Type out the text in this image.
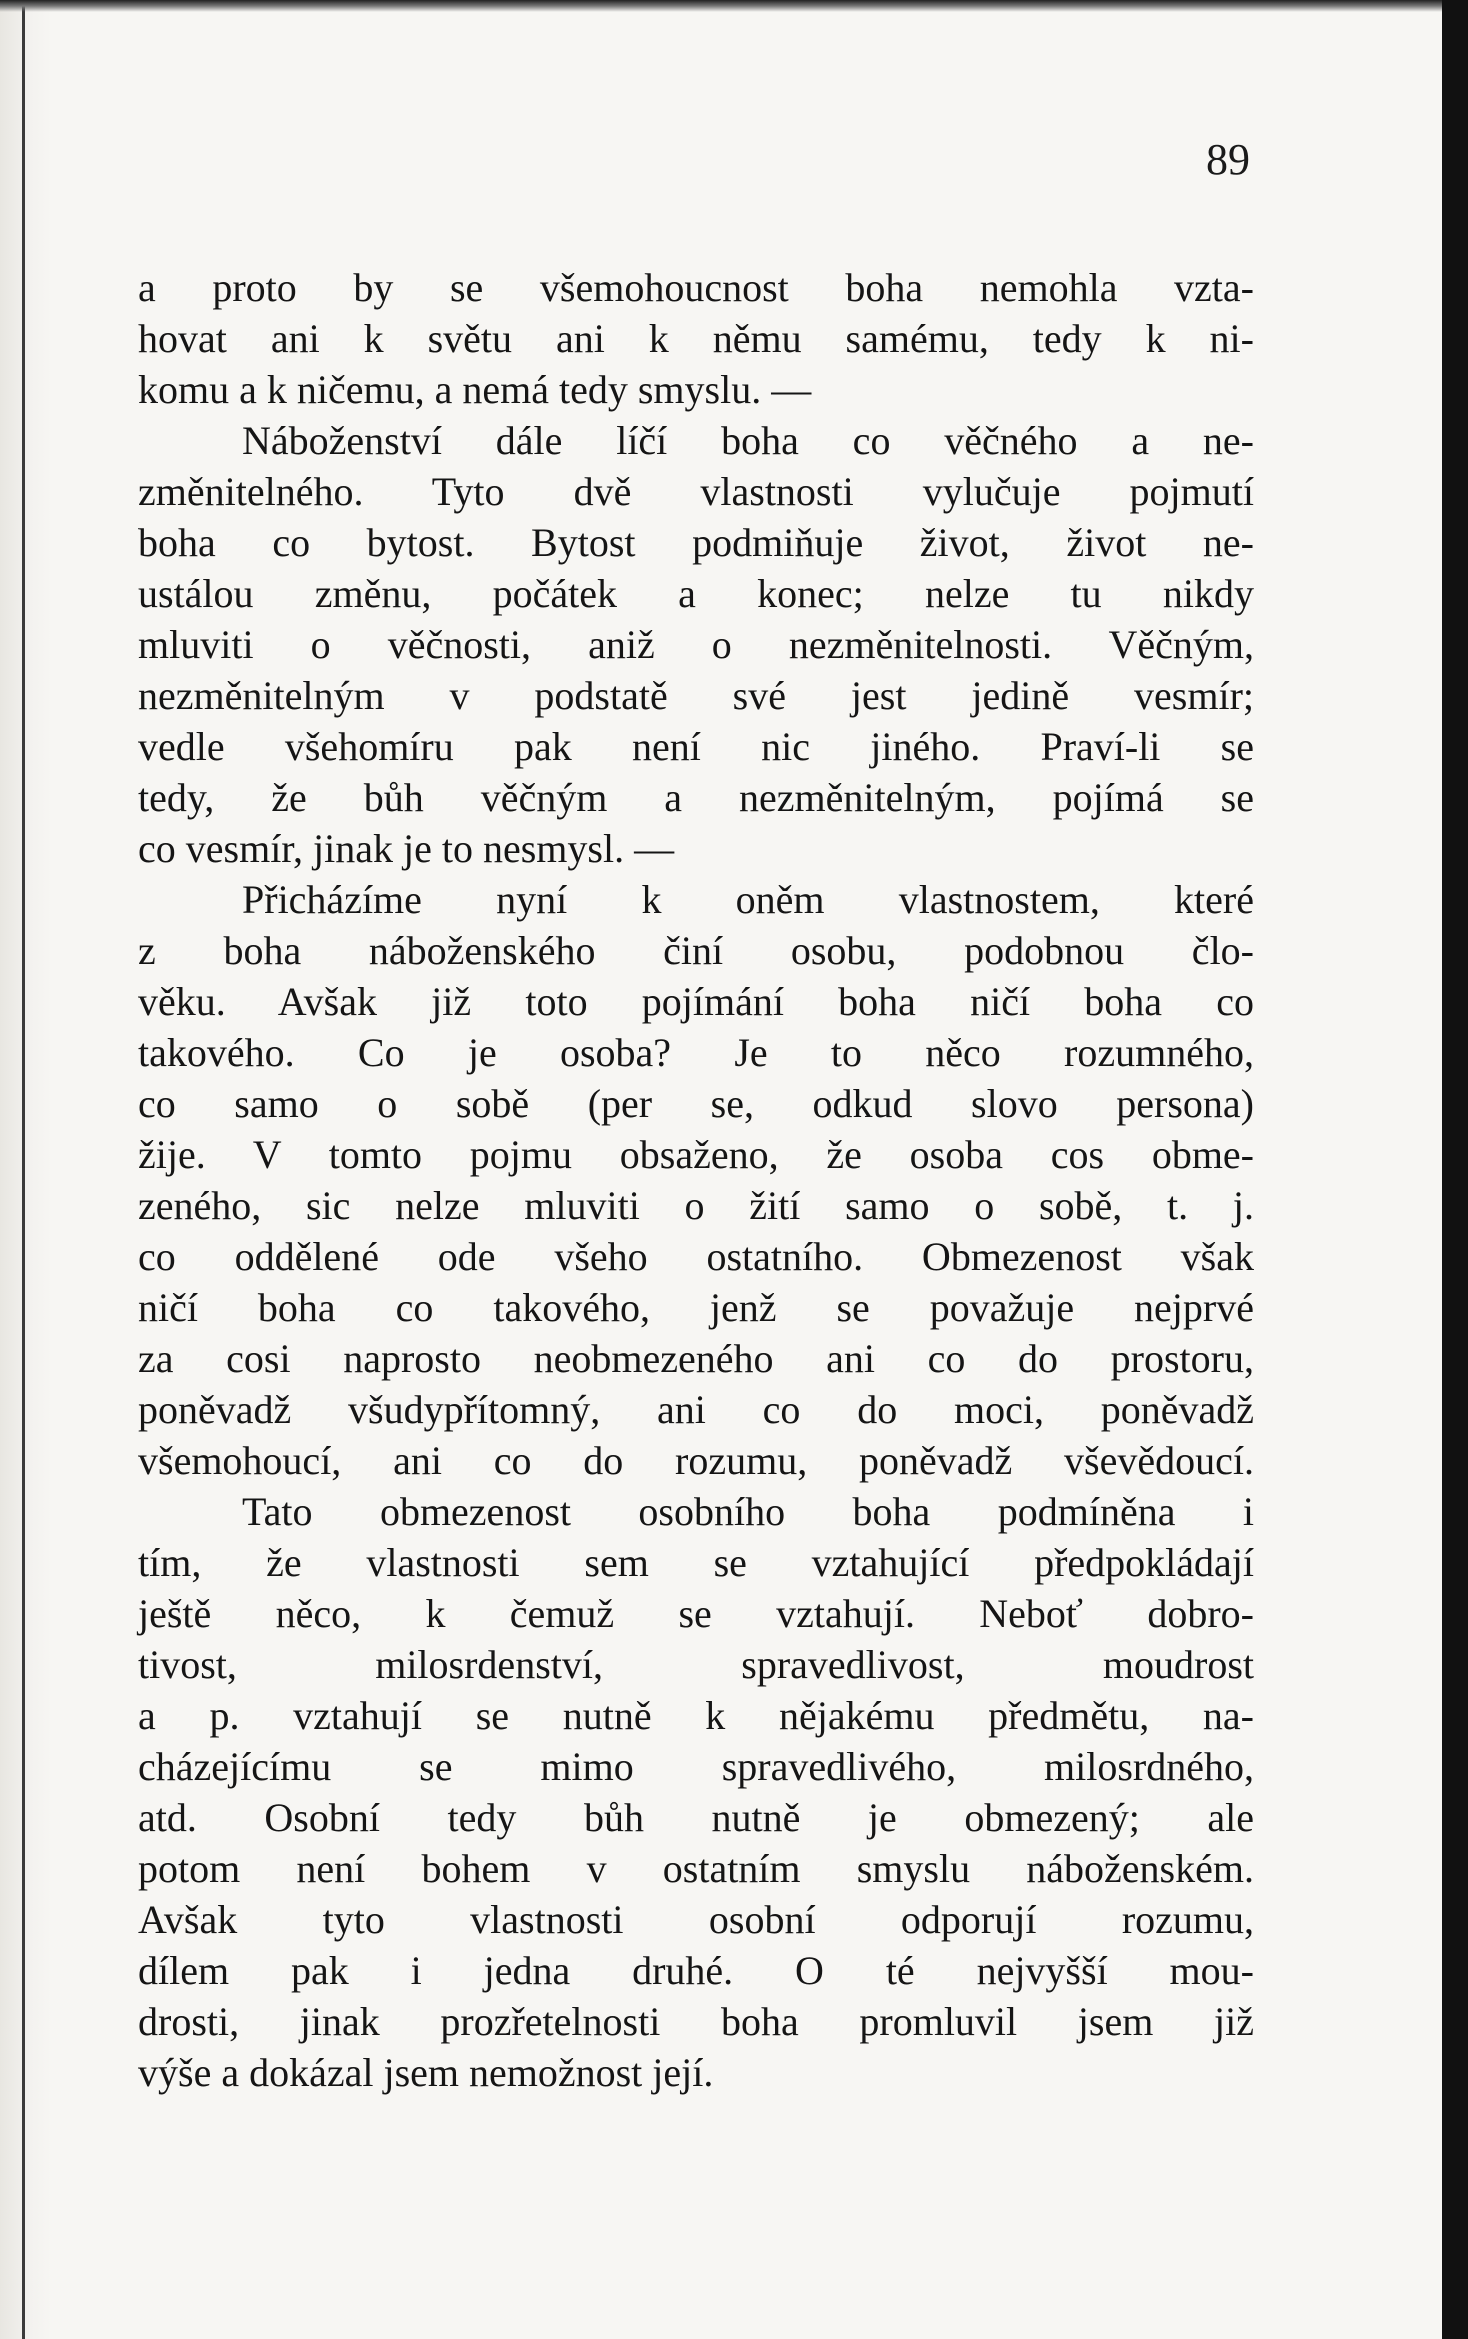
89
a proto by se všemohoucnost boha nemohla vzta-
hovat ani k světu ani k němu samému, tedy k ni-
komu a k ničemu, a nemá tedy smyslu. —
Náboženství dále líčí boha co věčného a ne-
změnitelného. Tyto dvě vlastnosti vylučuje pojmutí
boha co bytost. Bytost podmiňuje život, život ne-
ustálou změnu, počátek a konec; nelze tu nikdy
mluviti o věčnosti, aniž o nezměnitelnosti. Věčným,
nezměnitelným v podstatě své jest jedině vesmír;
vedle všehomíru pak není nic jiného. Praví-li se
tedy, že bůh věčným a nezměnitelným, pojímá se
co vesmír, jinak je to nesmysl. —
Přicházíme nyní k oněm vlastnostem, které
z boha náboženského činí osobu, podobnou člo-
věku. Avšak již toto pojímání boha ničí boha co
takového. Co je osoba? Je to něco rozumného,
co samo o sobě (per se, odkud slovo persona)
žije. V tomto pojmu obsaženo, že osoba cos obme-
zeného, sic nelze mluviti o žití samo o sobě, t. j.
co oddělené ode všeho ostatního. Obmezenost však
ničí boha co takového, jenž se považuje nejprvé
za cosi naprosto neobmezeného ani co do prostoru,
poněvadž všudypřítomný, ani co do moci, poněvadž
všemohoucí, ani co do rozumu, poněvadž vševědoucí.
Tato obmezenost osobního boha podmíněna i
tím, že vlastnosti sem se vztahující předpokládají
ještě něco, k čemuž se vztahují. Neboť dobro-
tivost, milosrdenství, spravedlivost, moudrost
a p. vztahují se nutně k nějakému předmětu, na-
cházejícímu se mimo spravedlivého, milosrdného,
atd. Osobní tedy bůh nutně je obmezený; ale
potom není bohem v ostatním smyslu náboženském.
Avšak tyto vlastnosti osobní odporují rozumu,
dílem pak i jedna druhé. O té nejvyšší mou-
drosti, jinak prozřetelnosti boha promluvil jsem již
výše a dokázal jsem nemožnost její.
